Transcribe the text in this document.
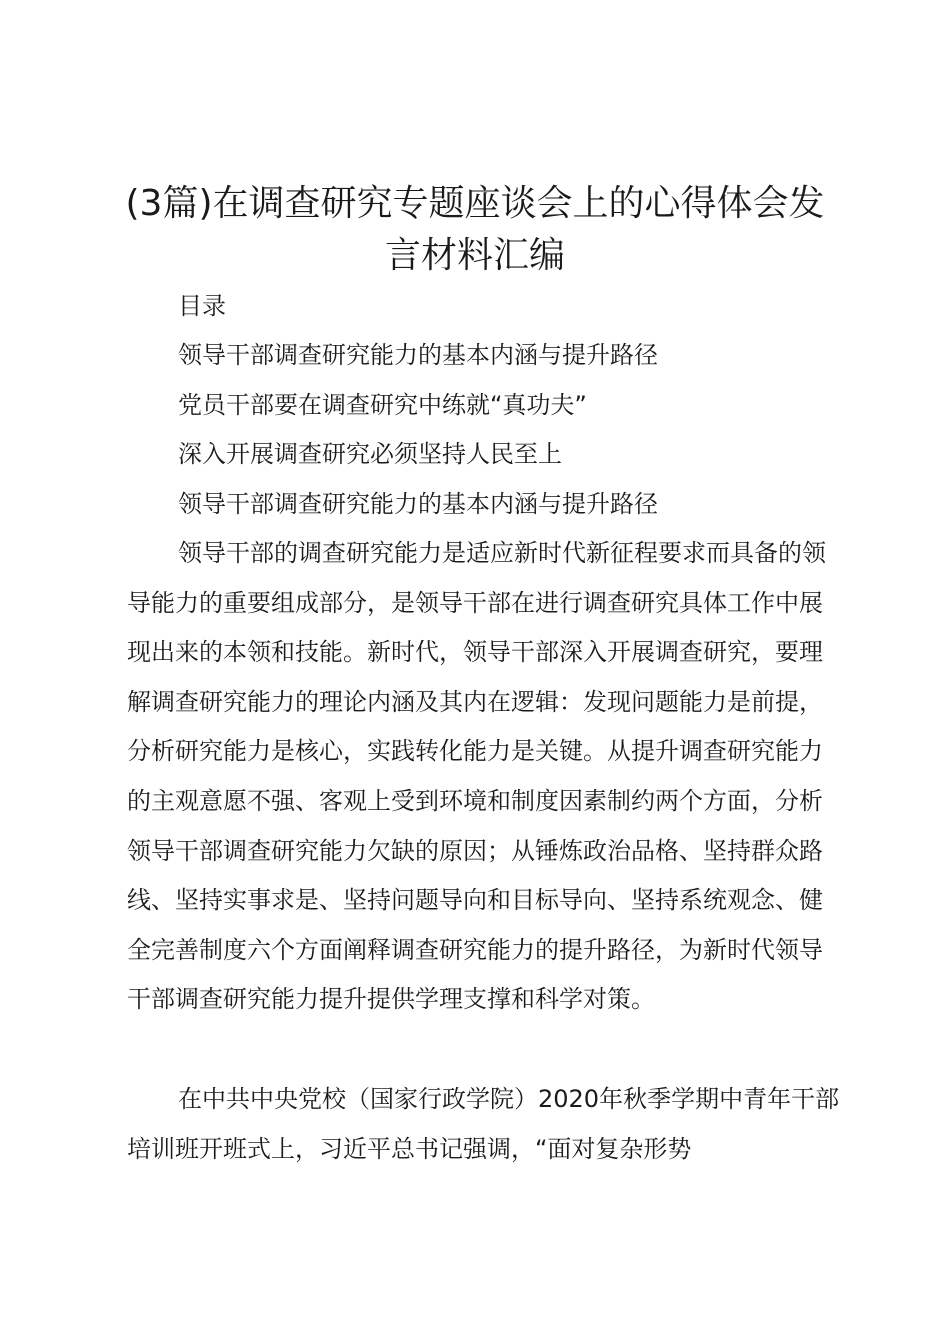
(3篇)在调查研究专题座谈会上的心得体会发言材料汇编

目录

领导干部调查研究能力的基本内涵与提升路径

党员干部要在调查研究中练就“真功夫”

深入开展调查研究必须坚持人民至上

领导干部调查研究能力的基本内涵与提升路径

领导干部的调查研究能力是适应新时代新征程要求而具备的领导能力的重要组成部分，是领导干部在进行调查研究具体工作中展现出来的本领和技能。新时代，领导干部深入开展调查研究，要理解调查研究能力的理论内涵及其内在逻辑：发现问题能力是前提，分析研究能力是核心，实践转化能力是关键。从提升调查研究能力的主观意愿不强、客观上受到环境和制度因素制约两个方面，分析领导干部调查研究能力欠缺的原因；从锤炼政治品格、坚持群众路线、坚持实事求是、坚持问题导向和目标导向、坚持系统观念、健全完善制度六个方面阐释调查研究能力的提升路径，为新时代领导干部调查研究能力提升提供学理支撑和科学对策。

在中共中央党校（国家行政学院）2020年秋季学期中青年干部培训班开班式上，习近平总书记强调，“面对复杂形势
